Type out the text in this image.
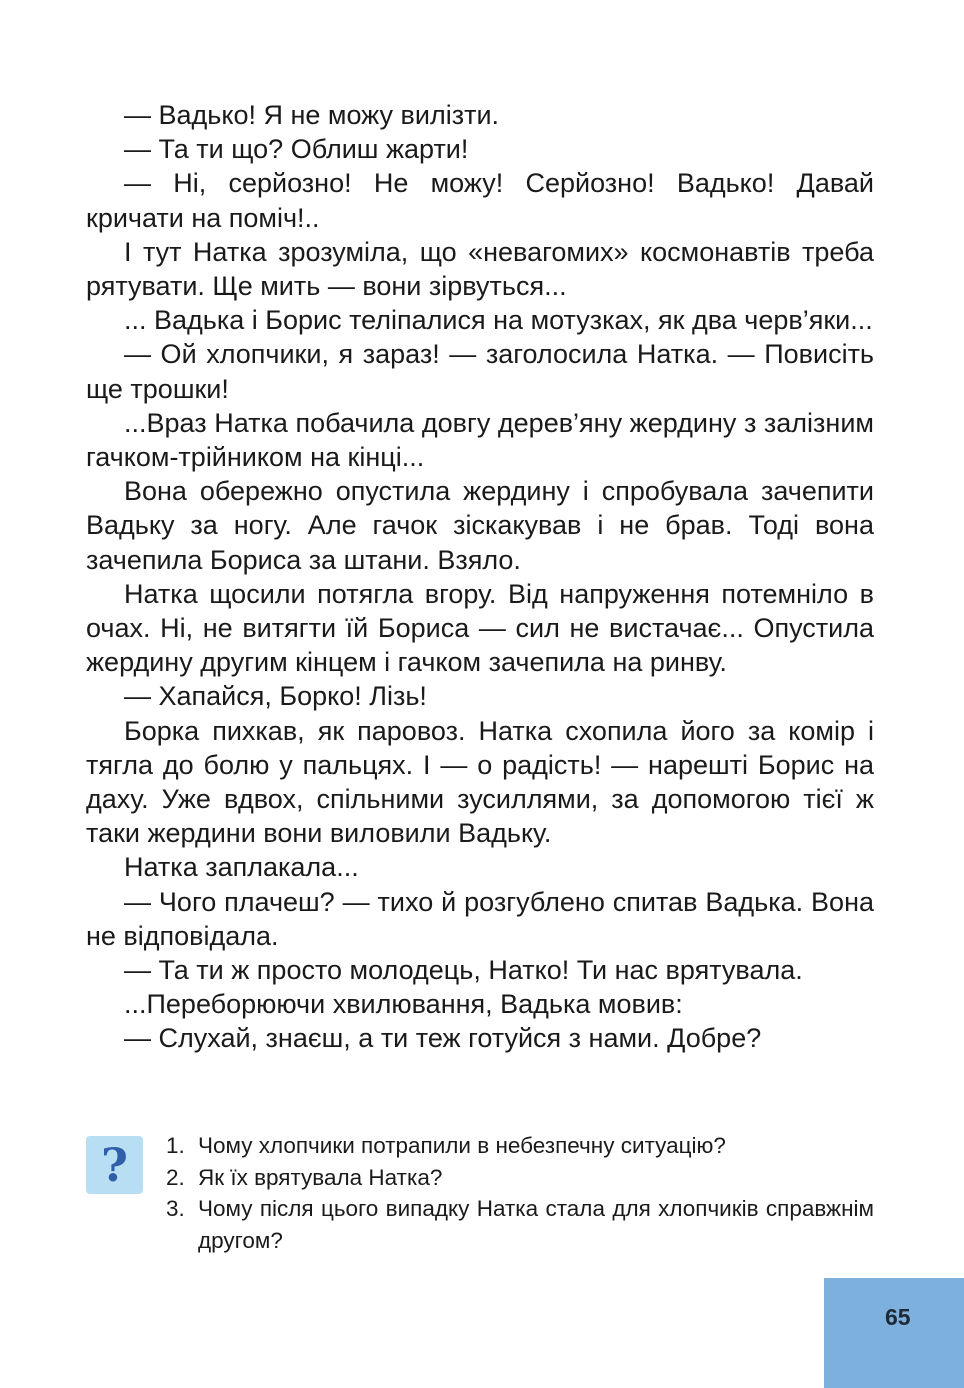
— Вадько! Я не можу вилізти.

— Та ти що? Облиш жарти!

— Ні, серйозно! Не можу! Серйозно! Вадько! Давай кричати на поміч!..

І тут Натка зрозуміла, що «невагомих» космонавтів треба рятувати. Ще мить — вони зірвуться...

... Вадька і Борис теліпалися на мотузках, як два черв’яки...

— Ой хлопчики, я зараз! — заголосила Натка. — Повисіть ще трошки!

...Враз Натка побачила довгу дерев’яну жердину з залізним гачком-трійником на кінці...

Вона обережно опустила жердину і спробувала зачепити Вадьку за ногу. Але гачок зіскакував і не брав. Тоді вона зачепила Бориса за штани. Взяло.

Натка щосили потягла вгору. Від напруження потемніло в очах. Ні, не витягти їй Бориса — сил не вистачає... Опустила жердину другим кінцем і гачком зачепила на ринву.

— Хапайся, Борко! Лізь!

Борка пихкав, як паровоз. Натка схопила його за комір і тягла до болю у пальцях. І — о радість! — нарешті Борис на даху. Уже вдвох, спільними зусиллями, за допомогою тієї ж таки жердини вони виловили Вадьку.

Натка заплакала...

— Чого плачеш? — тихо й розгублено спитав Вадька. Вона не відповідала.

— Та ти ж просто молодець, Натко! Ти нас врятувала.

...Переборюючи хвилювання, Вадька мовив:

— Слухай, знаєш, а ти теж готуйся з нами. Добре?

?	1. Чому хлопчики потрапили в небезпечну ситуацію?
2. Як їх врятувала Натка?
3. Чому після цього випадку Натка стала для хлопчиків справжнім другом?
65
